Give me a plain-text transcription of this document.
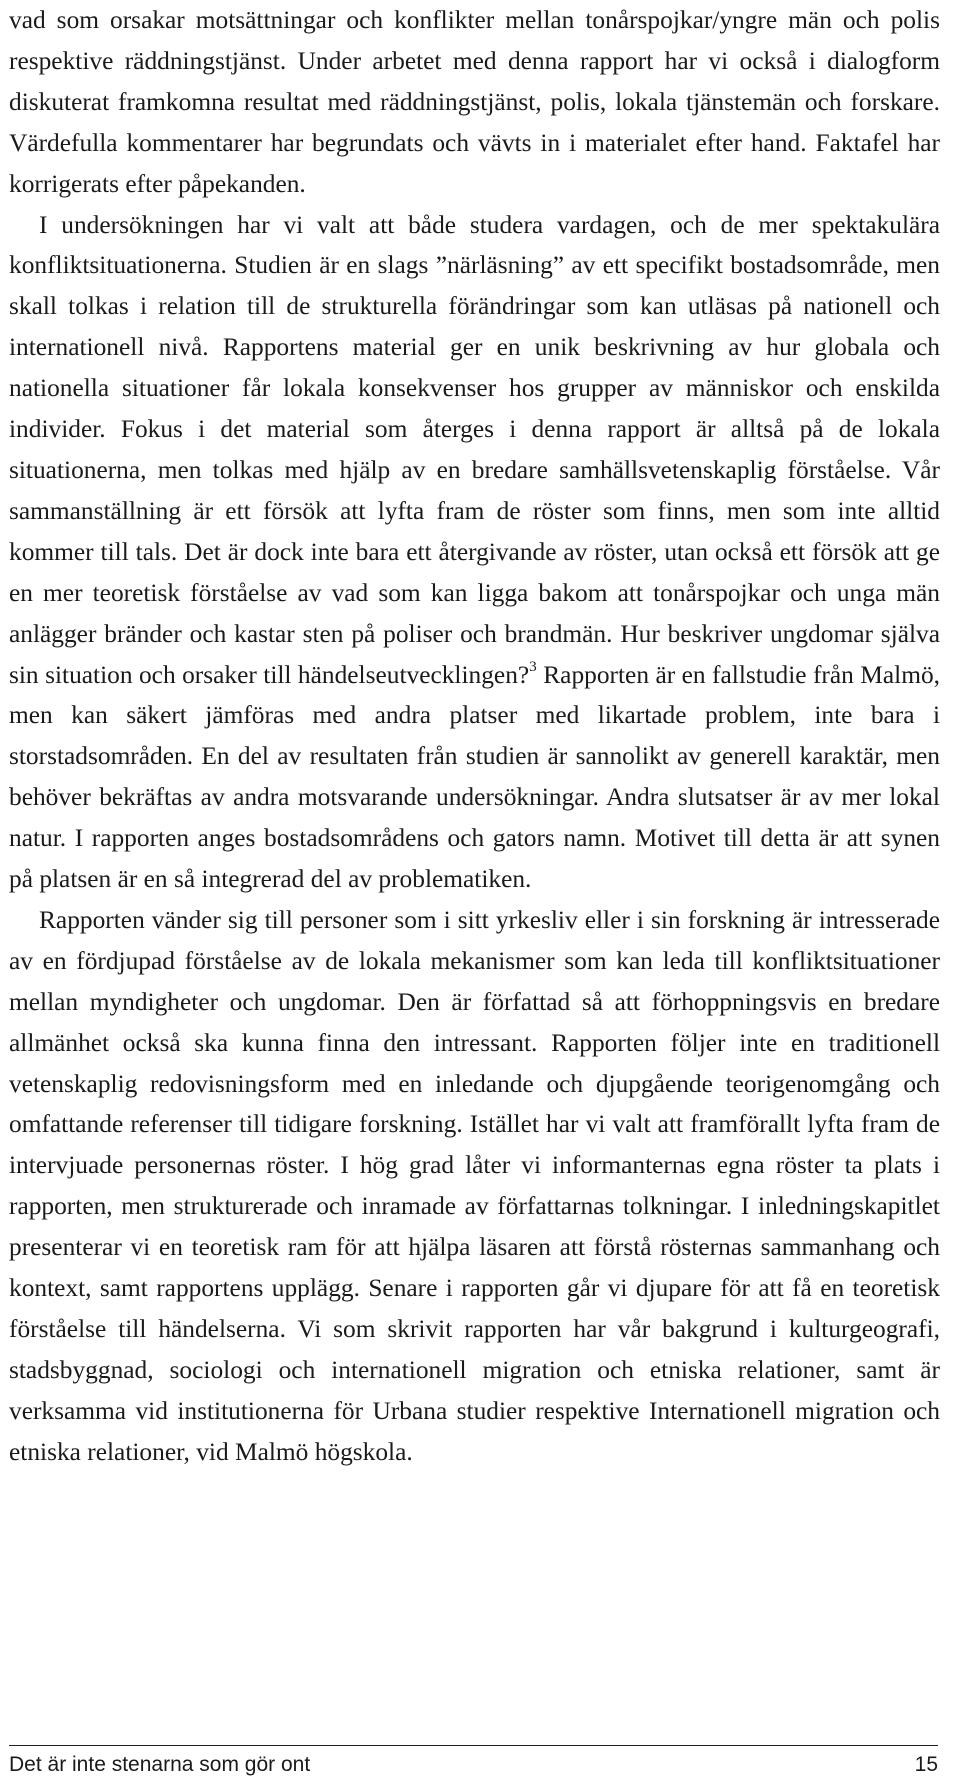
vad som orsakar motsättningar och konflikter mellan tonårspojkar/yngre män och polis respektive räddningstjänst. Under arbetet med denna rapport har vi också i dialogform diskuterat framkomna resultat med räddningstjänst, polis, lokala tjänstemän och forskare. Värdefulla kommentarer har begrundats och vävts in i materialet efter hand. Faktafel har korrigerats efter påpekanden.

I undersökningen har vi valt att både studera vardagen, och de mer spektakulära konfliktsituationerna. Studien är en slags ”närläsning” av ett specifikt bostadsområde, men skall tolkas i relation till de strukturella förändringar som kan utläsas på nationell och internationell nivå. Rapportens material ger en unik beskrivning av hur globala och nationella situationer får lokala konsekvenser hos grupper av människor och enskilda individer. Fokus i det material som återges i denna rapport är alltså på de lokala situationerna, men tolkas med hjälp av en bredare samhällsvetenskaplig förståelse. Vår sammanställning är ett försök att lyfta fram de röster som finns, men som inte alltid kommer till tals. Det är dock inte bara ett återgivande av röster, utan också ett försök att ge en mer teoretisk förståelse av vad som kan ligga bakom att tonårspojkar och unga män anlägger bränder och kastar sten på poliser och brandmän. Hur beskriver ungdomar själva sin situation och orsaker till händelseutvecklingen?$^3$ Rapporten är en fallstudie från Malmö, men kan säkert jämföras med andra platser med likartade problem, inte bara i storstadsområden. En del av resultaten från studien är sannolikt av generell karaktär, men behöver bekräftas av andra motsvarande undersökningar. Andra slutsatser är av mer lokal natur. I rapporten anges bostadsområdens och gators namn. Motivet till detta är att synen på platsen är en så integrerad del av problematiken.

Rapporten vänder sig till personer som i sitt yrkesliv eller i sin forskning är intresserade av en fördjupad förståelse av de lokala mekanismer som kan leda till konfliktsituationer mellan myndigheter och ungdomar. Den är författad så att förhoppningsvis en bredare allmänhet också ska kunna finna den intressant. Rapporten följer inte en traditionell vetenskaplig redovisningsform med en inledande och djupgående teorigenomgång och omfattande referenser till tidigare forskning. Istället har vi valt att framförallt lyfta fram de intervjuade personernas röster. I hög grad låter vi informanternas egna röster ta plats i rapporten, men strukturerade och inramade av författarnas tolkningar. I inledningskapitlet presenterar vi en teoretisk ram för att hjälpa läsaren att förstå rösternas sammanhang och kontext, samt rapportens upplägg. Senare i rapporten går vi djupare för att få en teoretisk förståelse till händelserna. Vi som skrivit rapporten har vår bakgrund i kulturgeografi, stadsbyggnad, sociologi och internationell migration och etniska relationer, samt är verksamma vid institutionerna för Urbana studier respektive Internationell migration och etniska relationer, vid Malmö högskola.

Det är inte stenarna som gör ont	15
